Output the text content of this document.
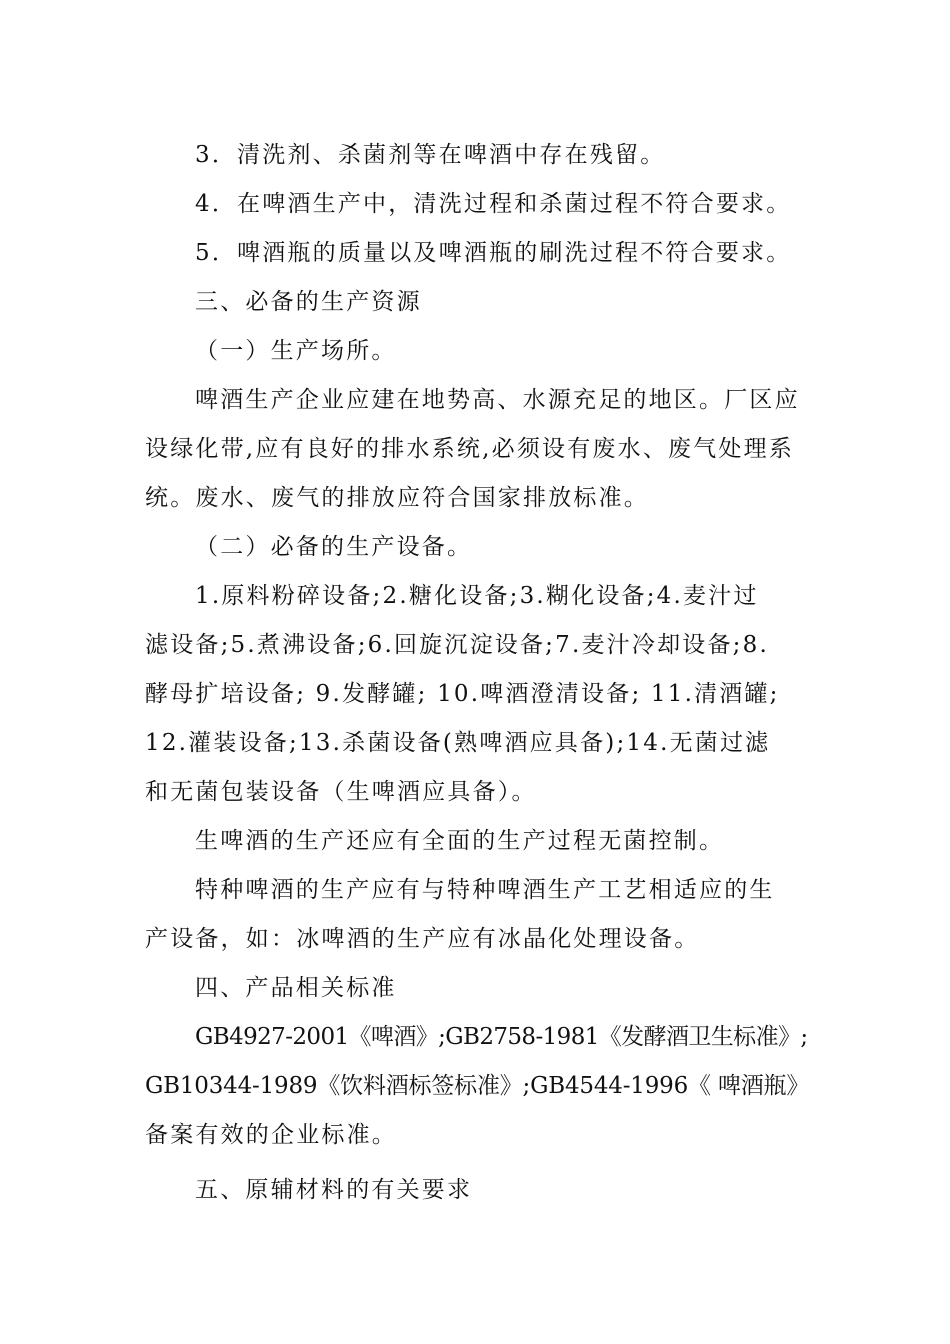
3．清洗剂、杀菌剂等在啤酒中存在残留。
4．在啤酒生产中，清洗过程和杀菌过程不符合要求。
5．啤酒瓶的质量以及啤酒瓶的刷洗过程不符合要求。
三、必备的生产资源
（一）生产场所。
啤酒生产企业应建在地势高、水源充足的地区。厂区应
设绿化带,应有良好的排水系统,必须设有废水、废气处理系
统。废水、废气的排放应符合国家排放标准。
（二）必备的生产设备。
1.原料粉碎设备;2.糖化设备;3.糊化设备;4.麦汁过
滤设备;5.煮沸设备;6.回旋沉淀设备;7.麦汁冷却设备;8.
酵母扩培设备; 9.发酵罐; 10.啤酒澄清设备; 11.清酒罐;
12.灌装设备;13.杀菌设备(熟啤酒应具备);14.无菌过滤
和无菌包装设备（生啤酒应具备）。
生啤酒的生产还应有全面的生产过程无菌控制。
特种啤酒的生产应有与特种啤酒生产工艺相适应的生
产设备，如：冰啤酒的生产应有冰晶化处理设备。
四、产品相关标准
GB4927-2001《啤酒》;GB2758-1981《发酵酒卫生标准》;
GB10344-1989《饮料酒标签标准》;GB4544-1996《 啤酒瓶》
备案有效的企业标准。
五、原辅材料的有关要求
